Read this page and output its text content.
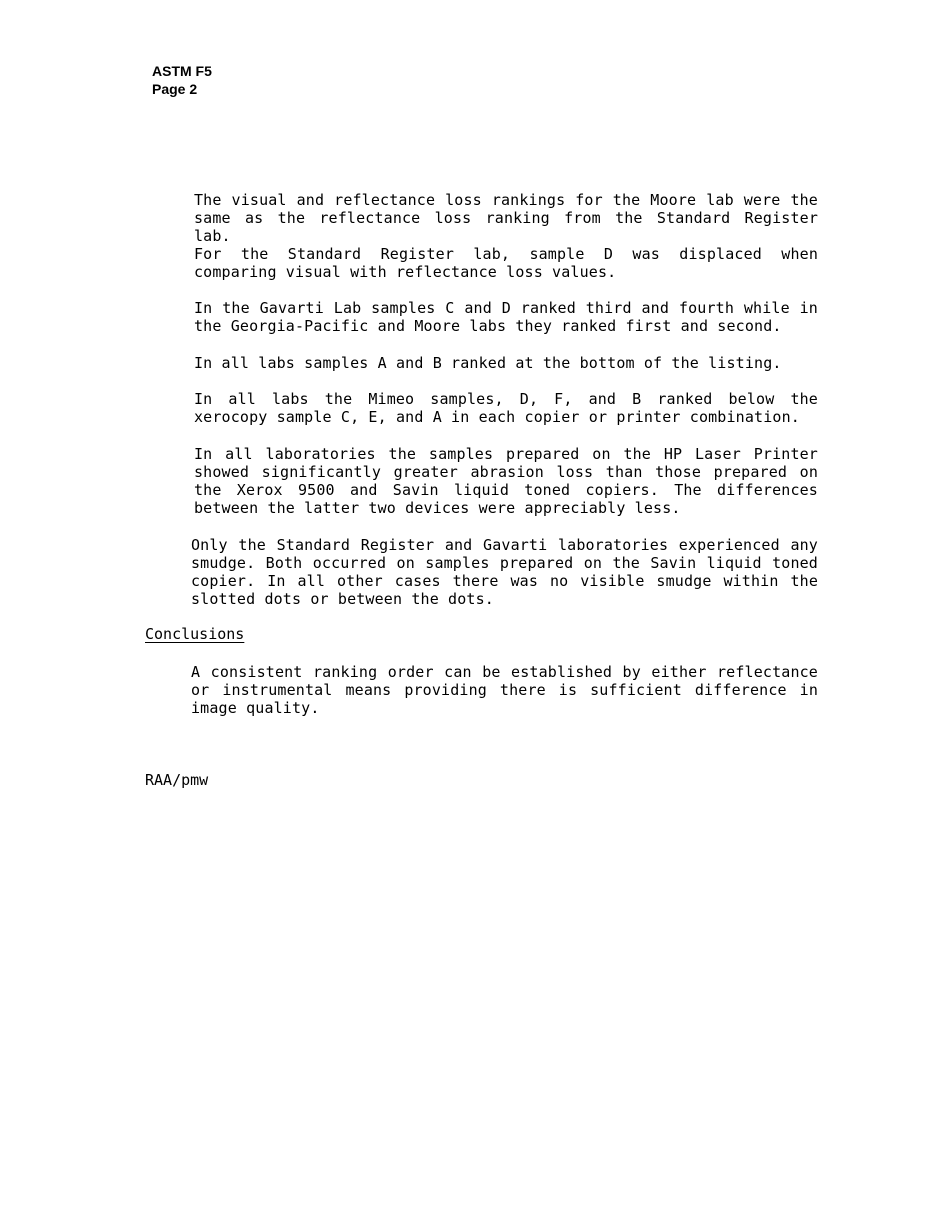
ASTM F5
Page 2

The visual and reflectance loss rankings for the Moore lab were the same as the reflectance loss ranking from the Standard Register lab.

For the Standard Register lab, sample D was displaced when comparing visual with reflectance loss values.

In the Gavarti Lab samples C and D ranked third and fourth while in the Georgia-Pacific and Moore labs they ranked first and second.

In all labs samples A and B ranked at the bottom of the listing.

In all labs the Mimeo samples, D, F, and B ranked below the xerocopy sample C, E, and A in each copier or printer combination.

In all laboratories the samples prepared on the HP Laser Printer showed significantly greater abrasion loss than those prepared on the Xerox 9500 and Savin liquid toned copiers. The differences between the latter two devices were appreciably less.

Only the Standard Register and Gavarti laboratories experienced any smudge. Both occurred on samples prepared on the Savin liquid toned copier. In all other cases there was no visible smudge within the slotted dots or between the dots.

Conclusions

A consistent ranking order can be established by either reflectance or instrumental means providing there is sufficient difference in image quality.

RAA/pmw
